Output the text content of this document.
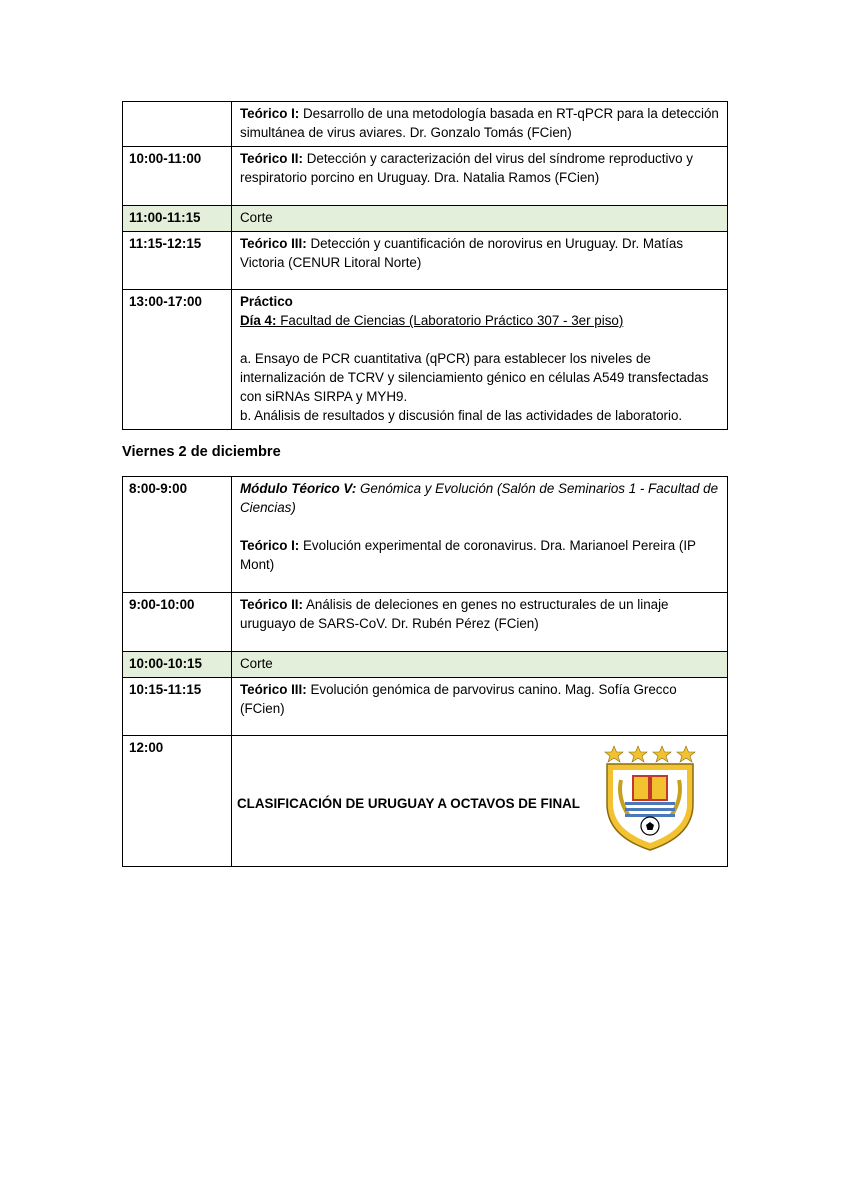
	Teórico I: Desarrollo de una metodología basada en RT-qPCR para la detección simultánea de virus aviares. Dr. Gonzalo Tomás (FCien)
10:00-11:00	Teórico II: Detección y caracterización del virus del síndrome reproductivo y respiratorio porcino en Uruguay. Dra. Natalia Ramos (FCien)
11:00-11:15	Corte
11:15-12:15	Teórico III: Detección y cuantificación de norovirus en Uruguay. Dr. Matías Victoria (CENUR Litoral Norte)
13:00-17:00	Práctico
Día 4: Facultad de Ciencias (Laboratorio Práctico 307 - 3er piso)
a. Ensayo de PCR cuantitativa (qPCR) para establecer los niveles de internalización de TCRV y silenciamiento génico en células A549 transfectadas con siRNAs SIRPA y MYH9.
b. Análisis de resultados y discusión final de las actividades de laboratorio.
Viernes 2 de diciembre
8:00-9:00	Módulo Téorico V: Genómica y Evolución (Salón de Seminarios 1 - Facultad de Ciencias)
Teórico I: Evolución experimental de coronavirus. Dra. Marianoel Pereira (IP Mont)

9:00-10:00	Teórico II: Análisis de deleciones en genes no estructurales de un linaje uruguayo de SARS-CoV. Dr. Rubén Pérez (FCien)
10:00-10:15	Corte
10:15-11:15	Teórico III: Evolución genómica de parvovirus canino. Mag. Sofía Grecco (FCien)
12:00	CLASIFICACIÓN DE URUGUAY A OCTAVOS DE FINAL
